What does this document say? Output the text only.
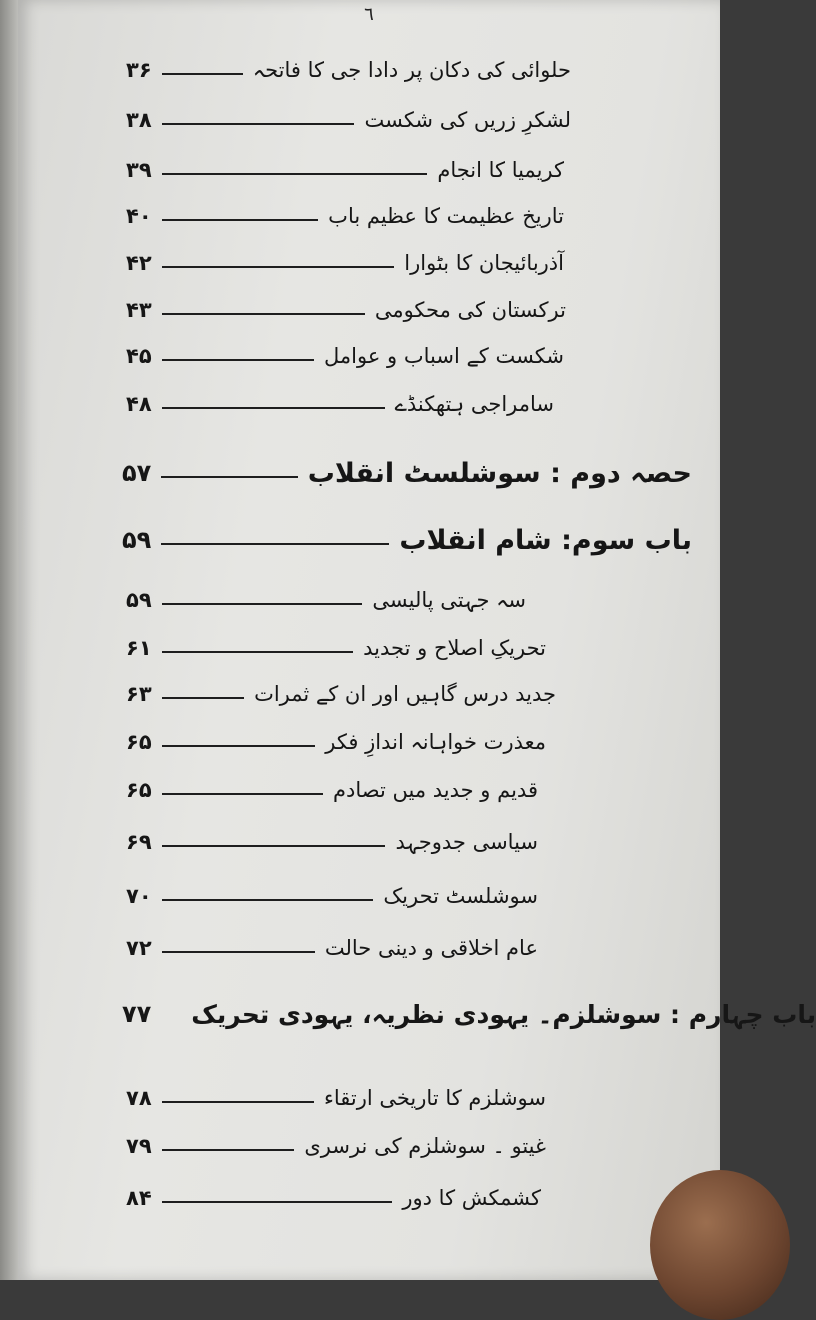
٦
۳۶	حلوائی کی دکان پر دادا جی کا فاتحہ
۳۸	لشکرِ زریں کی شکست
۳۹	کریمیا کا انجام
۴۰	تاریخ عظیمت کا عظیم باب
۴۲	آذربائیجان کا بٹوارا
۴۳	ترکستان کی محکومی
۴۵	شکست کے اسباب و عوامل
۴۸	سامراجی ہتھکنڈے
۵۷	حصہ دوم : سوشلسٹ انقلاب
۵۹	باب سوم: شام انقلاب
۵۹	سہ جہتی پالیسی
۶۱	تحریکِ اصلاح و تجدید
۶۳	جدید درس گاہیں اور ان کے ثمرات
۶۵	معذرت خواہانہ اندازِ فکر
۶۵	قدیم و جدید میں تصادم
۶۹	سیاسی جدوجہد
۷۰	سوشلسٹ تحریک
۷۲	عام اخلاقی و دینی حالت
۷۷ باب چہارم : سوشلزم۔ یہودی نظریہ، یہودی تحریک
۷۸	سوشلزم کا تاریخی ارتقاء
۷۹	غیتو ۔ سوشلزم کی نرسری
۸۴	کشمکش کا دور
